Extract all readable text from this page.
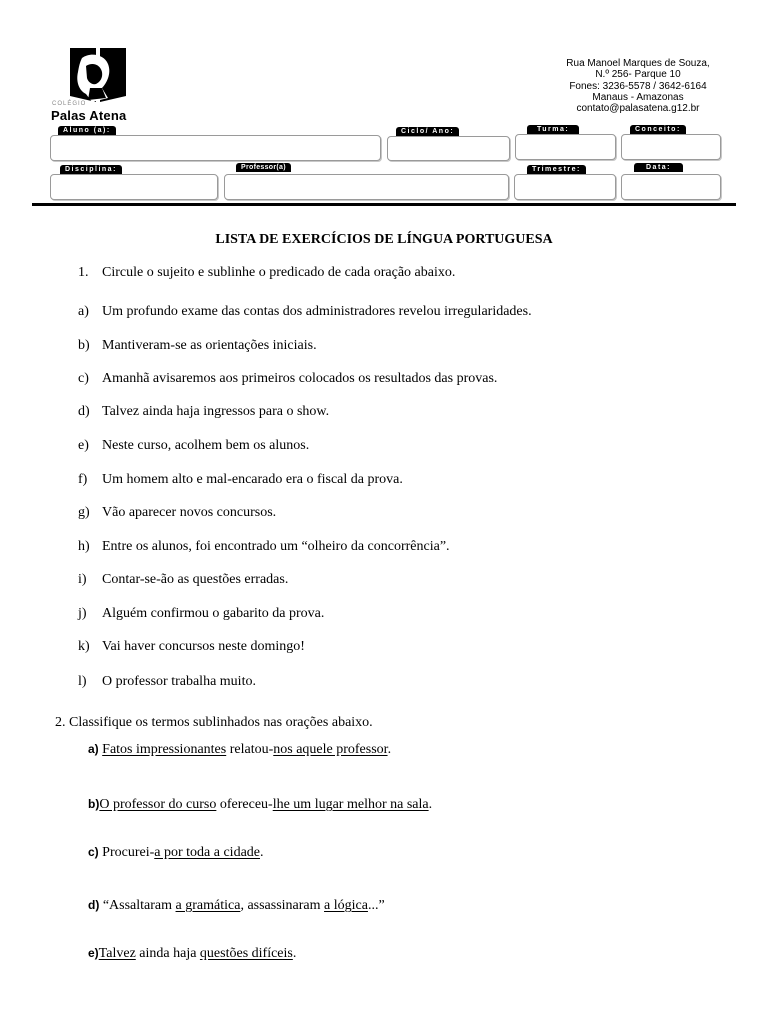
COLÉGIO
Palas Atena
Rua Manoel Marques de Souza,
N.º 256- Parque 10
Fones: 3236-5578 / 3642-6164
Manaus - Amazonas
contato@palasatena.g12.br
Aluno (a):	Ciclo/ Ano:	Turma:	Conceito:
Disciplina:	Professor(a)	Trimestre:	Data:
LISTA DE EXERCÍCIOS DE LÍNGUA PORTUGUESA
1. Circule o sujeito e sublinhe o predicado de cada oração abaixo.
a) Um profundo exame das contas dos administradores revelou irregularidades.
b) Mantiveram-se as orientações iniciais.
c) Amanhã avisaremos aos primeiros colocados os resultados das provas.
d) Talvez ainda haja ingressos para o show.
e) Neste curso, acolhem bem os alunos.
f) Um homem alto e mal-encarado era o fiscal da prova.
g) Vão aparecer novos concursos.
h) Entre os alunos, foi encontrado um “olheiro da concorrência”.
i) Contar-se-ão as questões erradas.
j) Alguém confirmou o gabarito da prova.
k) Vai haver concursos neste domingo!
l) O professor trabalha muito.
2. Classifique os termos sublinhados nas orações abaixo.
a) Fatos impressionantes relatou-nos aquele professor.
b)O professor do curso ofereceu-lhe um lugar melhor na sala.
c) Procurei-a por toda a cidade.
d) “Assaltaram a gramática, assassinaram a lógica...”
e)Talvez ainda haja questões difíceis.
